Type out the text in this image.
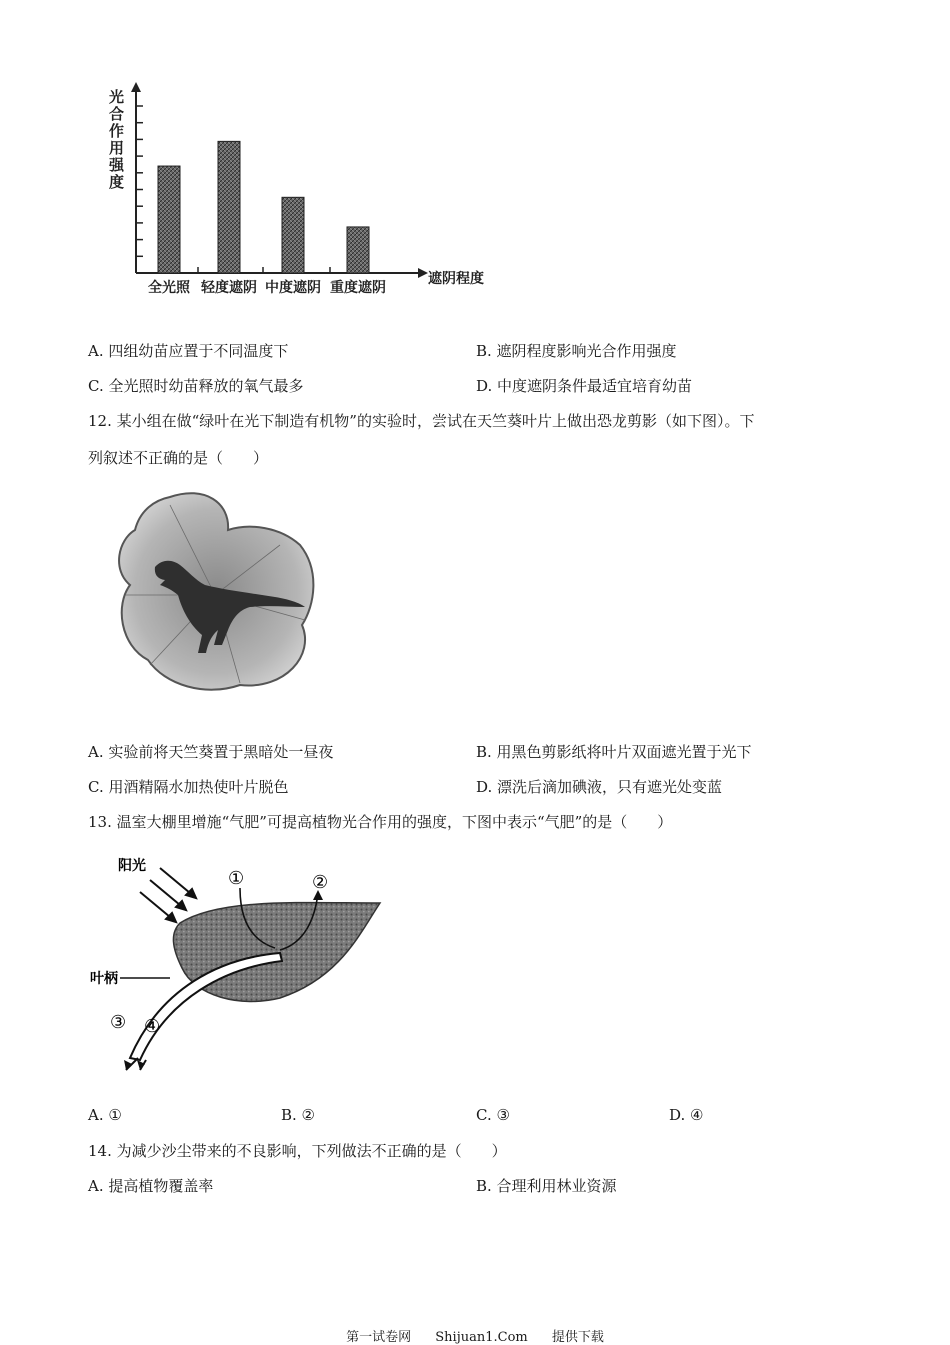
光
合
作
用
强
度
全光照 轻度遮阴 中度遮阴 重度遮阴
遮阴程度
A. 四组幼苗应置于不同温度下	B. 遮阴程度影响光合作用强度
C. 全光照时幼苗释放的氧气最多	D. 中度遮阴条件最适宜培育幼苗
12. 某小组在做“绿叶在光下制造有机物”的实验时，尝试在天竺葵叶片上做出恐龙剪影（如下图）。下
列叙述不正确的是（　　）
A. 实验前将天竺葵置于黑暗处一昼夜	B. 用黑色剪影纸将叶片双面遮光置于光下
C. 用酒精隔水加热使叶片脱色	D. 漂洗后滴加碘液，只有遮光处变蓝
13. 温室大棚里增施“气肥”可提高植物光合作用的强度，下图中表示“气肥”的是（　　）
阳光
①	②
叶柄
③ ④
A. ①	B. ②	C. ③	D. ④
14. 为减少沙尘带来的不良影响，下列做法不正确的是（　　）
A. 提高植物覆盖率	B. 合理利用林业资源
第一试卷网 Shijuan1.Com 提供下载
